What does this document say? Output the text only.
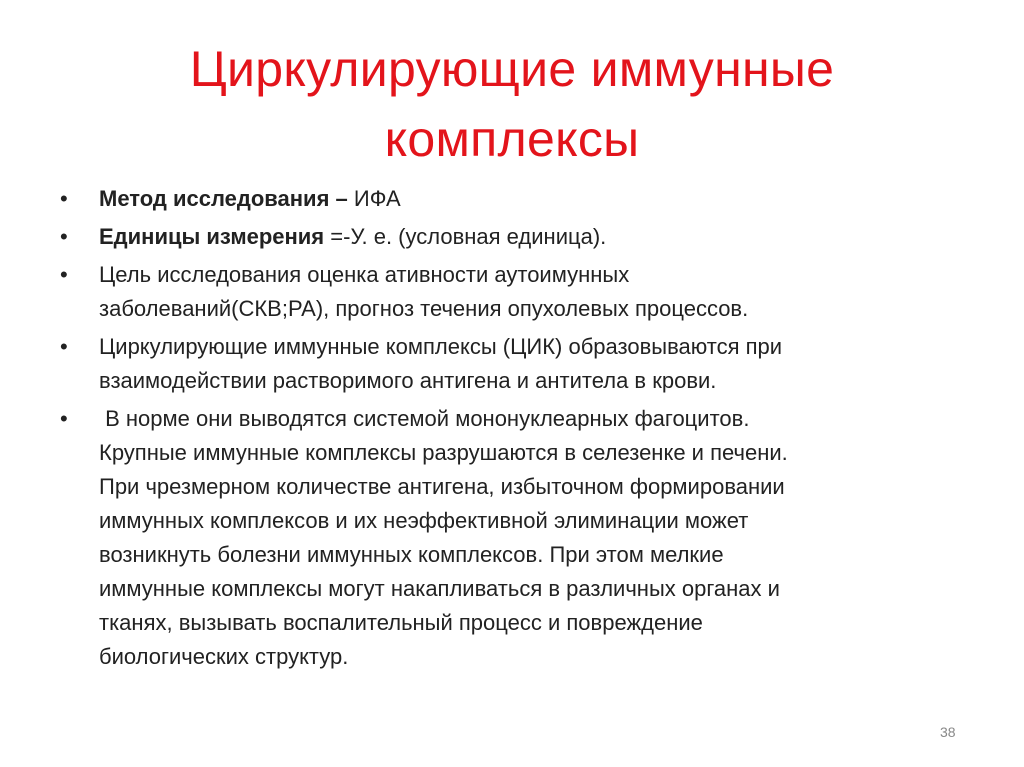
Циркулирующие иммунные
комплексы
• Метод исследования – ИФА
• Единицы измерения =-У. е. (условная единица).
• Цель исследования оценка ативности аутоимунных
заболеваний(СКВ;РА), прогноз течения опухолевых процессов.
• Циркулирующие иммунные комплексы (ЦИК) образовываются при
взаимодействии растворимого антигена и антитела в крови.
• В норме они выводятся системой мононуклеарных фагоцитов.
Крупные иммунные комплексы разрушаются в селезенке и печени.
При чрезмерном количестве антигена, избыточном формировании
иммунных комплексов и их неэффективной элиминации может
возникнуть болезни иммунных комплексов. При этом мелкие
иммунные комплексы могут накапливаться в различных органах и
тканях, вызывать воспалительный процесс и повреждение
биологических структур.
38
